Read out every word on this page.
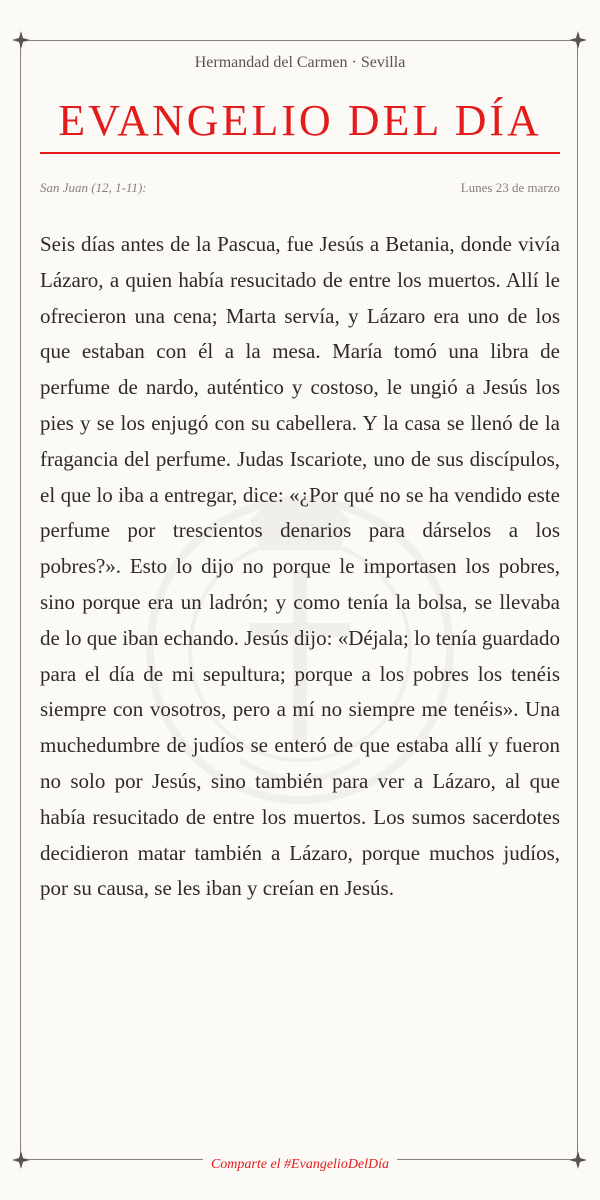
Hermandad del Carmen · Sevilla
EVANGELIO DEL DÍA
San Juan (12, 1-11):	Lunes 23 de marzo

Seis días antes de la Pascua, fue Jesús a Betania, donde vivía Lázaro, a quien había resucitado de entre los muertos. Allí le ofrecieron una cena; Marta servía, y Lázaro era uno de los que estaban con él a la mesa. María tomó una libra de perfume de nardo, auténtico y costoso, le ungió a Jesús los pies y se los enjugó con su cabellera. Y la casa se llenó de la fragancia del perfume. Judas Iscariote, uno de sus discípulos, el que lo iba a entregar, dice: «¿Por qué no se ha vendido este perfume por trescientos denarios para dárselos a los pobres?». Esto lo dijo no porque le importasen los pobres, sino porque era un ladrón; y como tenía la bolsa, se llevaba de lo que iban echando. Jesús dijo: «Déjala; lo tenía guardado para el día de mi sepultura; porque a los pobres los tenéis siempre con vosotros, pero a mí no siempre me tenéis». Una muchedumbre de judíos se enteró de que estaba allí y fueron no solo por Jesús, sino también para ver a Lázaro, al que había resucitado de entre los muertos. Los sumos sacerdotes decidieron matar también a Lázaro, porque muchos judíos, por su causa, se les iban y creían en Jesús.

Comparte el #EvangelioDelDía
